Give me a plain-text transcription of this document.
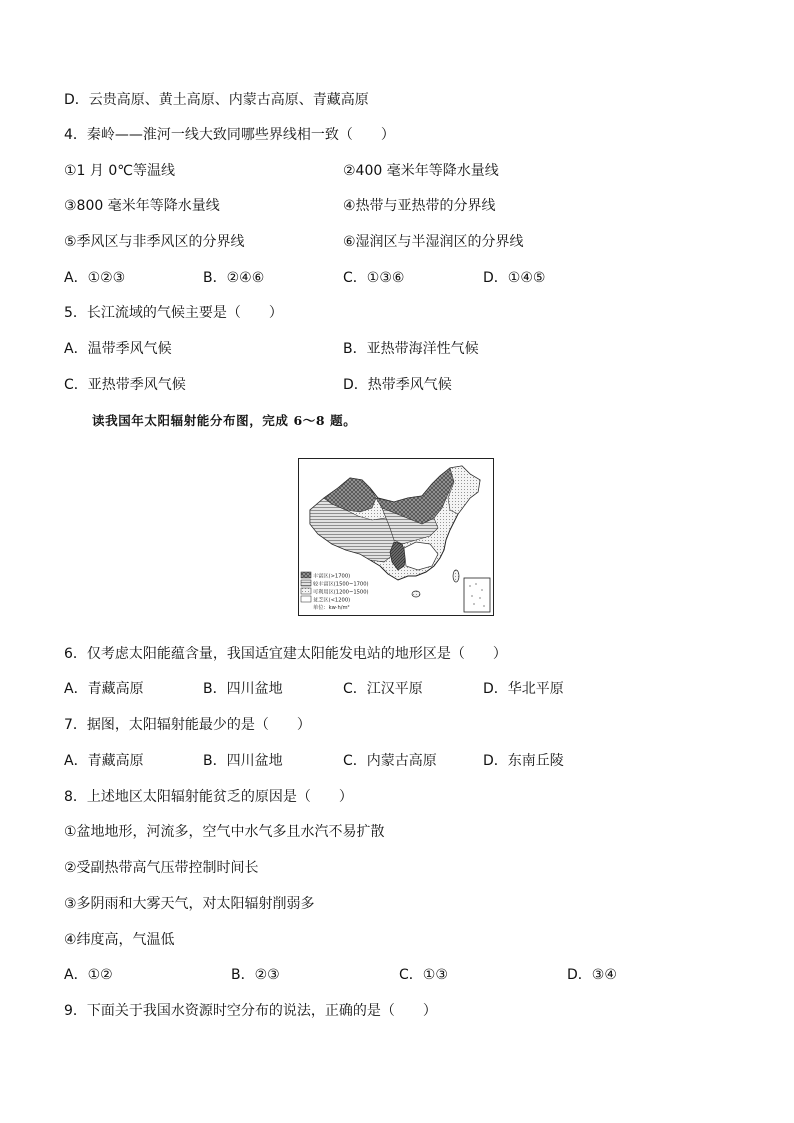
D．云贵高原、黄土高原、内蒙古高原、青藏高原
4．秦岭——淮河一线大致同哪些界线相一致（　　）
①1 月 0℃等温线	②400 毫米年等降水量线
③800 毫米年等降水量线	④热带与亚热带的分界线
⑤季风区与非季风区的分界线	⑥湿润区与半湿润区的分界线
A．①②③	B．②④⑥	C．①③⑥	D．①④⑤
5．长江流域的气候主要是（　　）
A．温带季风气候	B．亚热带海洋性气候
C．亚热带季风气候	D．热带季风气候
读我国年太阳辐射能分布图，完成 6～8 题。
丰富区(>1700)
较丰富区(1500~1700)
可利用区(1200~1500)
贫乏区(<1200)
单位：kw·h/m²
6．仅考虑太阳能蕴含量，我国适宜建太阳能发电站的地形区是（　　）
A．青藏高原	B．四川盆地	C．江汉平原	D．华北平原
7．据图，太阳辐射能最少的是（　　）
A．青藏高原	B．四川盆地	C．内蒙古高原	D．东南丘陵
8．上述地区太阳辐射能贫乏的原因是（　　）
①盆地地形，河流多，空气中水气多且水汽不易扩散
②受副热带高气压带控制时间长
③多阴雨和大雾天气，对太阳辐射削弱多
④纬度高，气温低
A．①②	B．②③	C．①③	D．③④
9．下面关于我国水资源时空分布的说法，正确的是（　　）
